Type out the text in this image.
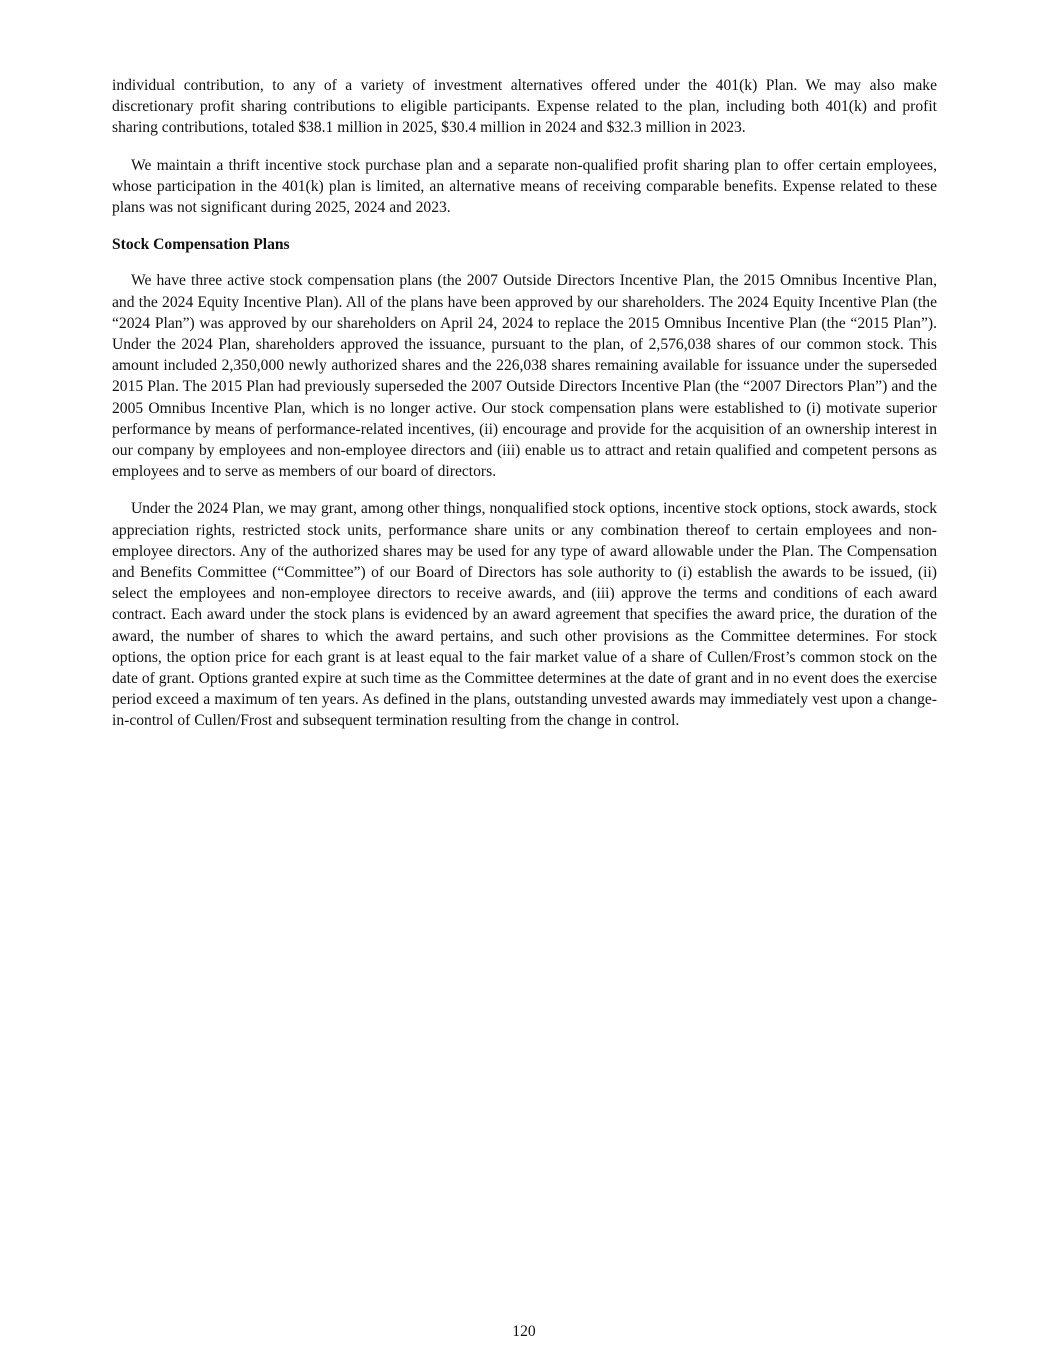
individual contribution, to any of a variety of investment alternatives offered under the 401(k) Plan. We may also make discretionary profit sharing contributions to eligible participants. Expense related to the plan, including both 401(k) and profit sharing contributions, totaled $38.1 million in 2025, $30.4 million in 2024 and $32.3 million in 2023.

We maintain a thrift incentive stock purchase plan and a separate non-qualified profit sharing plan to offer certain employees, whose participation in the 401(k) plan is limited, an alternative means of receiving comparable benefits. Expense related to these plans was not significant during 2025, 2024 and 2023.

Stock Compensation Plans

We have three active stock compensation plans (the 2007 Outside Directors Incentive Plan, the 2015 Omnibus Incentive Plan, and the 2024 Equity Incentive Plan). All of the plans have been approved by our shareholders. The 2024 Equity Incentive Plan (the “2024 Plan”) was approved by our shareholders on April 24, 2024 to replace the 2015 Omnibus Incentive Plan (the “2015 Plan”). Under the 2024 Plan, shareholders approved the issuance, pursuant to the plan, of 2,576,038 shares of our common stock. This amount included 2,350,000 newly authorized shares and the 226,038 shares remaining available for issuance under the superseded 2015 Plan. The 2015 Plan had previously superseded the 2007 Outside Directors Incentive Plan (the “2007 Directors Plan”) and the 2005 Omnibus Incentive Plan, which is no longer active. Our stock compensation plans were established to (i) motivate superior performance by means of performance-related incentives, (ii) encourage and provide for the acquisition of an ownership interest in our company by employees and non-employee directors and (iii) enable us to attract and retain qualified and competent persons as employees and to serve as members of our board of directors.

Under the 2024 Plan, we may grant, among other things, nonqualified stock options, incentive stock options, stock awards, stock appreciation rights, restricted stock units, performance share units or any combination thereof to certain employees and non-employee directors. Any of the authorized shares may be used for any type of award allowable under the Plan. The Compensation and Benefits Committee (“Committee”) of our Board of Directors has sole authority to (i) establish the awards to be issued, (ii) select the employees and non-employee directors to receive awards, and (iii) approve the terms and conditions of each award contract. Each award under the stock plans is evidenced by an award agreement that specifies the award price, the duration of the award, the number of shares to which the award pertains, and such other provisions as the Committee determines. For stock options, the option price for each grant is at least equal to the fair market value of a share of Cullen/Frost’s common stock on the date of grant. Options granted expire at such time as the Committee determines at the date of grant and in no event does the exercise period exceed a maximum of ten years. As defined in the plans, outstanding unvested awards may immediately vest upon a change-in-control of Cullen/Frost and subsequent termination resulting from the change in control.

120
